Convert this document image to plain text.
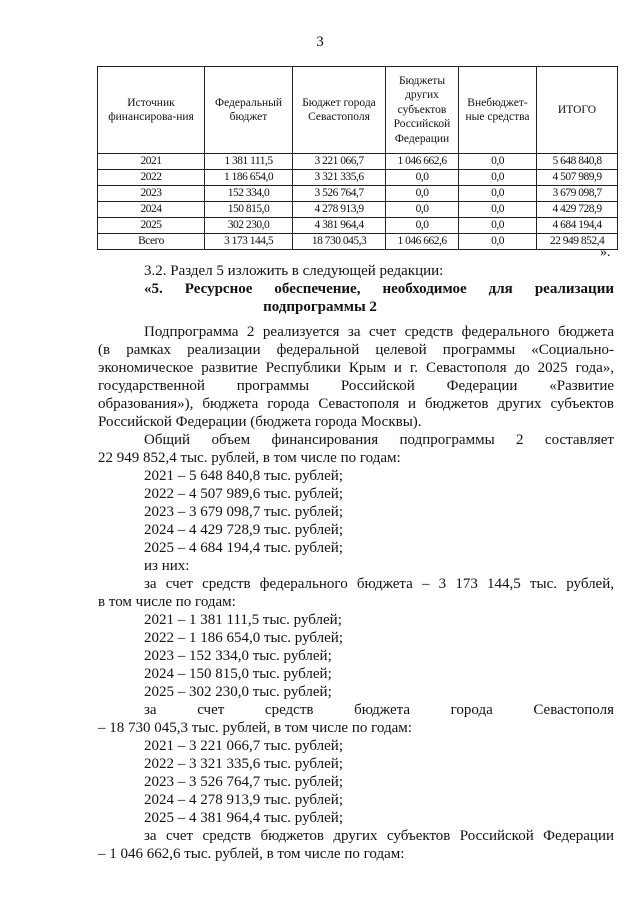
3
Источник финансирова-ния	Федеральный бюджет	Бюджет города Севастополя	Бюджеты других субъектов Российской Федерации	Внебюджет-ные средства	ИТОГО
2021	1 381 111,5	3 221 066,7	1 046 662,6	0,0	5 648 840,8
2022	1 186 654,0	3 321 335,6	0,0	0,0	4 507 989,9
2023	152 334,0	3 526 764,7	0,0	0,0	3 679 098,7
2024	150 815,0	4 278 913,9	0,0	0,0	4 429 728,9
2025	302 230,0	4 381 964,4	0,0	0,0	4 684 194,4
Всего	3 173 144,5	18 730 045,3	1 046 662,6	0,0	22 949 852,4
».
3.2. Раздел 5 изложить в следующей редакции:
«5. Ресурсное обеспечение, необходимое для реализации
подпрограммы 2
Подпрограмма 2 реализуется за счет средств федерального бюджета
(в рамках реализации федеральной целевой программы «Социально-
экономическое развитие Республики Крым и г. Севастополя до 2025 года»,
государственной программы Российской Федерации «Развитие
образования»), бюджета города Севастополя и бюджетов других субъектов
Российской Федерации (бюджета города Москвы).
Общий объем финансирования подпрограммы 2 составляет
22 949 852,4 тыс. рублей, в том числе по годам:
2021 – 5 648 840,8 тыс. рублей;
2022 – 4 507 989,6 тыс. рублей;
2023 – 3 679 098,7 тыс. рублей;
2024 – 4 429 728,9 тыс. рублей;
2025 – 4 684 194,4 тыс. рублей;
из них:
за счет средств федерального бюджета – 3 173 144,5 тыс. рублей,
в том числе по годам:
2021 – 1 381 111,5 тыс. рублей;
2022 – 1 186 654,0 тыс. рублей;
2023 – 152 334,0 тыс. рублей;
2024 – 150 815,0 тыс. рублей;
2025 – 302 230,0 тыс. рублей;
за счет средств бюджета города Севастополя
– 18 730 045,3 тыс. рублей, в том числе по годам:
2021 – 3 221 066,7 тыс. рублей;
2022 – 3 321 335,6 тыс. рублей;
2023 – 3 526 764,7 тыс. рублей;
2024 – 4 278 913,9 тыс. рублей;
2025 – 4 381 964,4 тыс. рублей;
за счет средств бюджетов других субъектов Российской Федерации
– 1 046 662,6 тыс. рублей, в том числе по годам:
